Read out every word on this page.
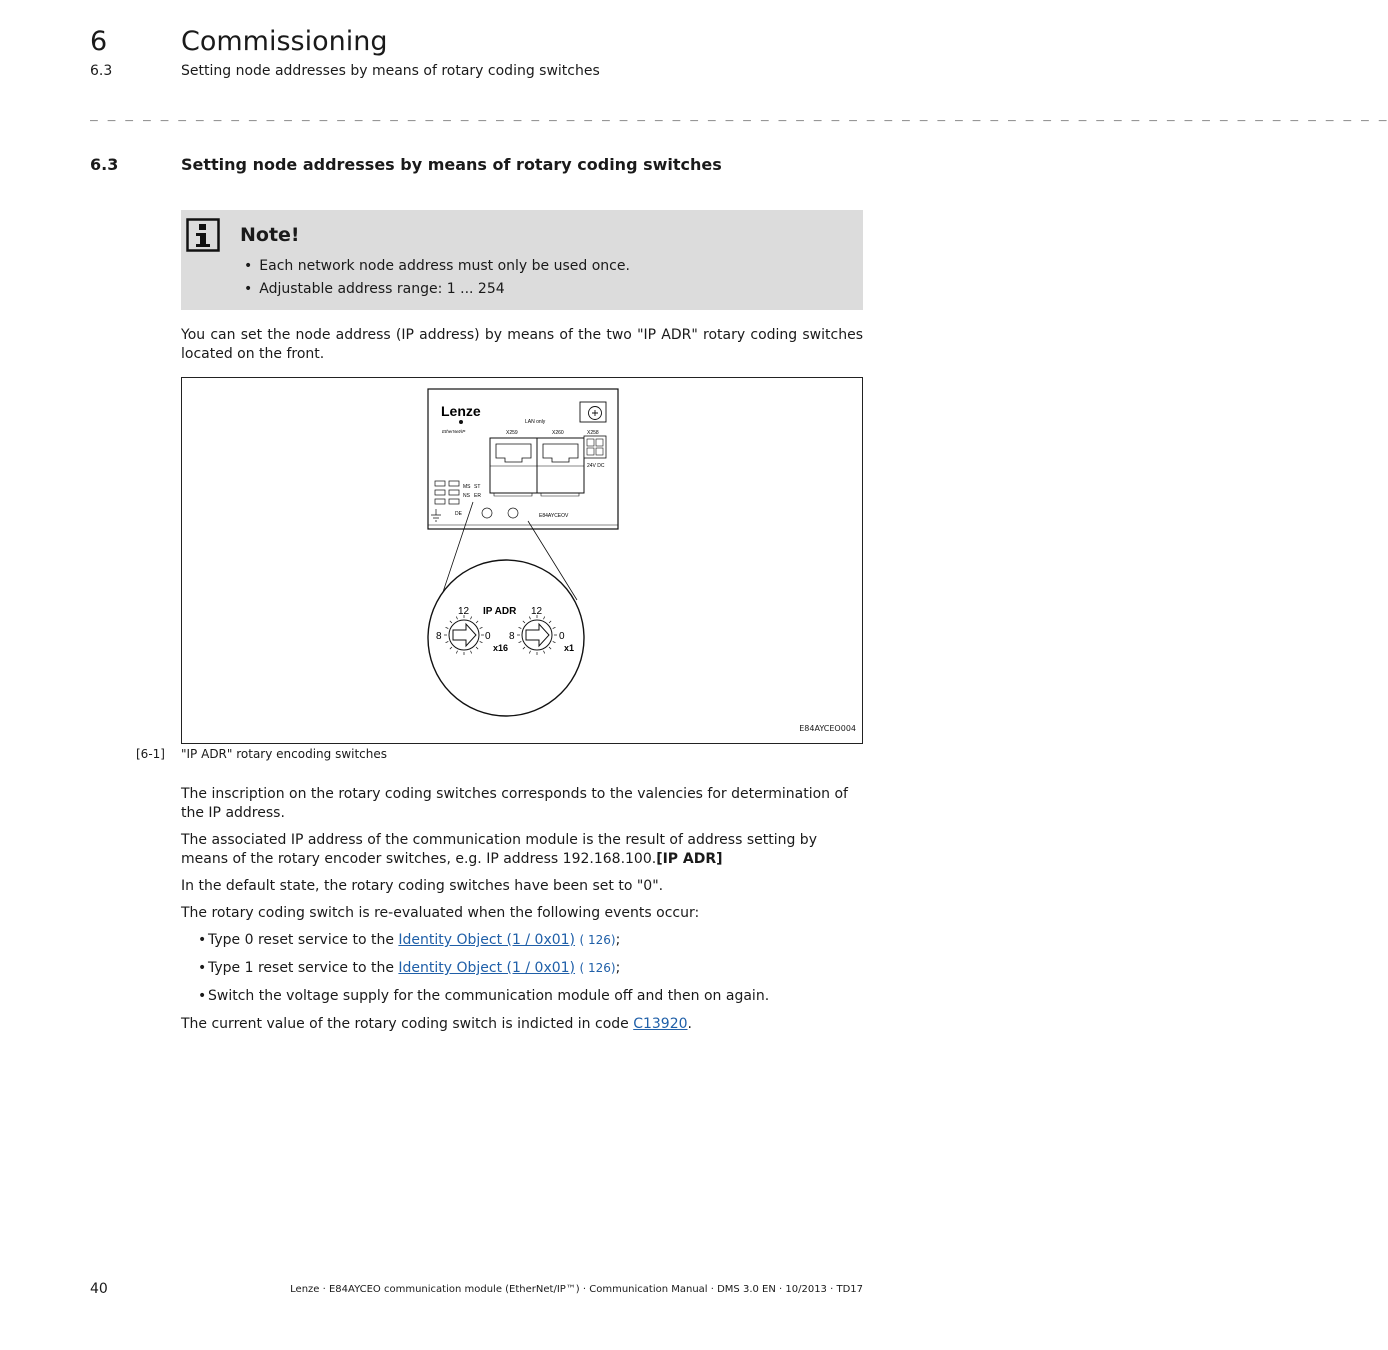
6	Commissioning
6.3	Setting node addresses by means of rotary coding switches
_ _ _ _ _ _ _ _ _ _ _ _ _ _ _ _ _ _ _ _ _ _ _ _ _ _ _ _ _ _ _ _ _ _ _ _ _ _ _ _ _ _ _ _ _ _ _ _ _ _ _ _ _ _ _ _ _ _ _ _ _ _ _ _ _ _ _ _ _ _ _ _ _ _
6.3	Setting node addresses by means of rotary coding switches
Note!
• Each network node address must only be used once.
• Adjustable address range: 1 ... 254

You can set the node address (IP address) by means of the two "IP ADR" rotary coding switches located on the front.

Lenze
EtherNet/IP
LAN only
X259	X260	X258
24V DC
MS ST
NS ER
DE	E84AYCEOV
IP ADR
12	12
8	0 8	0
x16	x1
E84AYCEO004
[6-1] "IP ADR" rotary encoding switches

The inscription on the rotary coding switches corresponds to the valencies for determination of the IP address.

The associated IP address of the communication module is the result of address setting by means of the rotary encoder switches, e.g. IP address 192.168.100.[IP ADR]

In the default state, the rotary coding switches have been set to "0".

The rotary coding switch is re-evaluated when the following events occur:

• Type 0 reset service to the Identity Object (1 / 0x01) ( 126);
• Type 1 reset service to the Identity Object (1 / 0x01) ( 126);
• Switch the voltage supply for the communication module off and then on again.

The current value of the rotary coding switch is indicted in code C13920.

40	Lenze · E84AYCEO communication module (EtherNet/IP™) · Communication Manual · DMS 3.0 EN · 10/2013 · TD17
